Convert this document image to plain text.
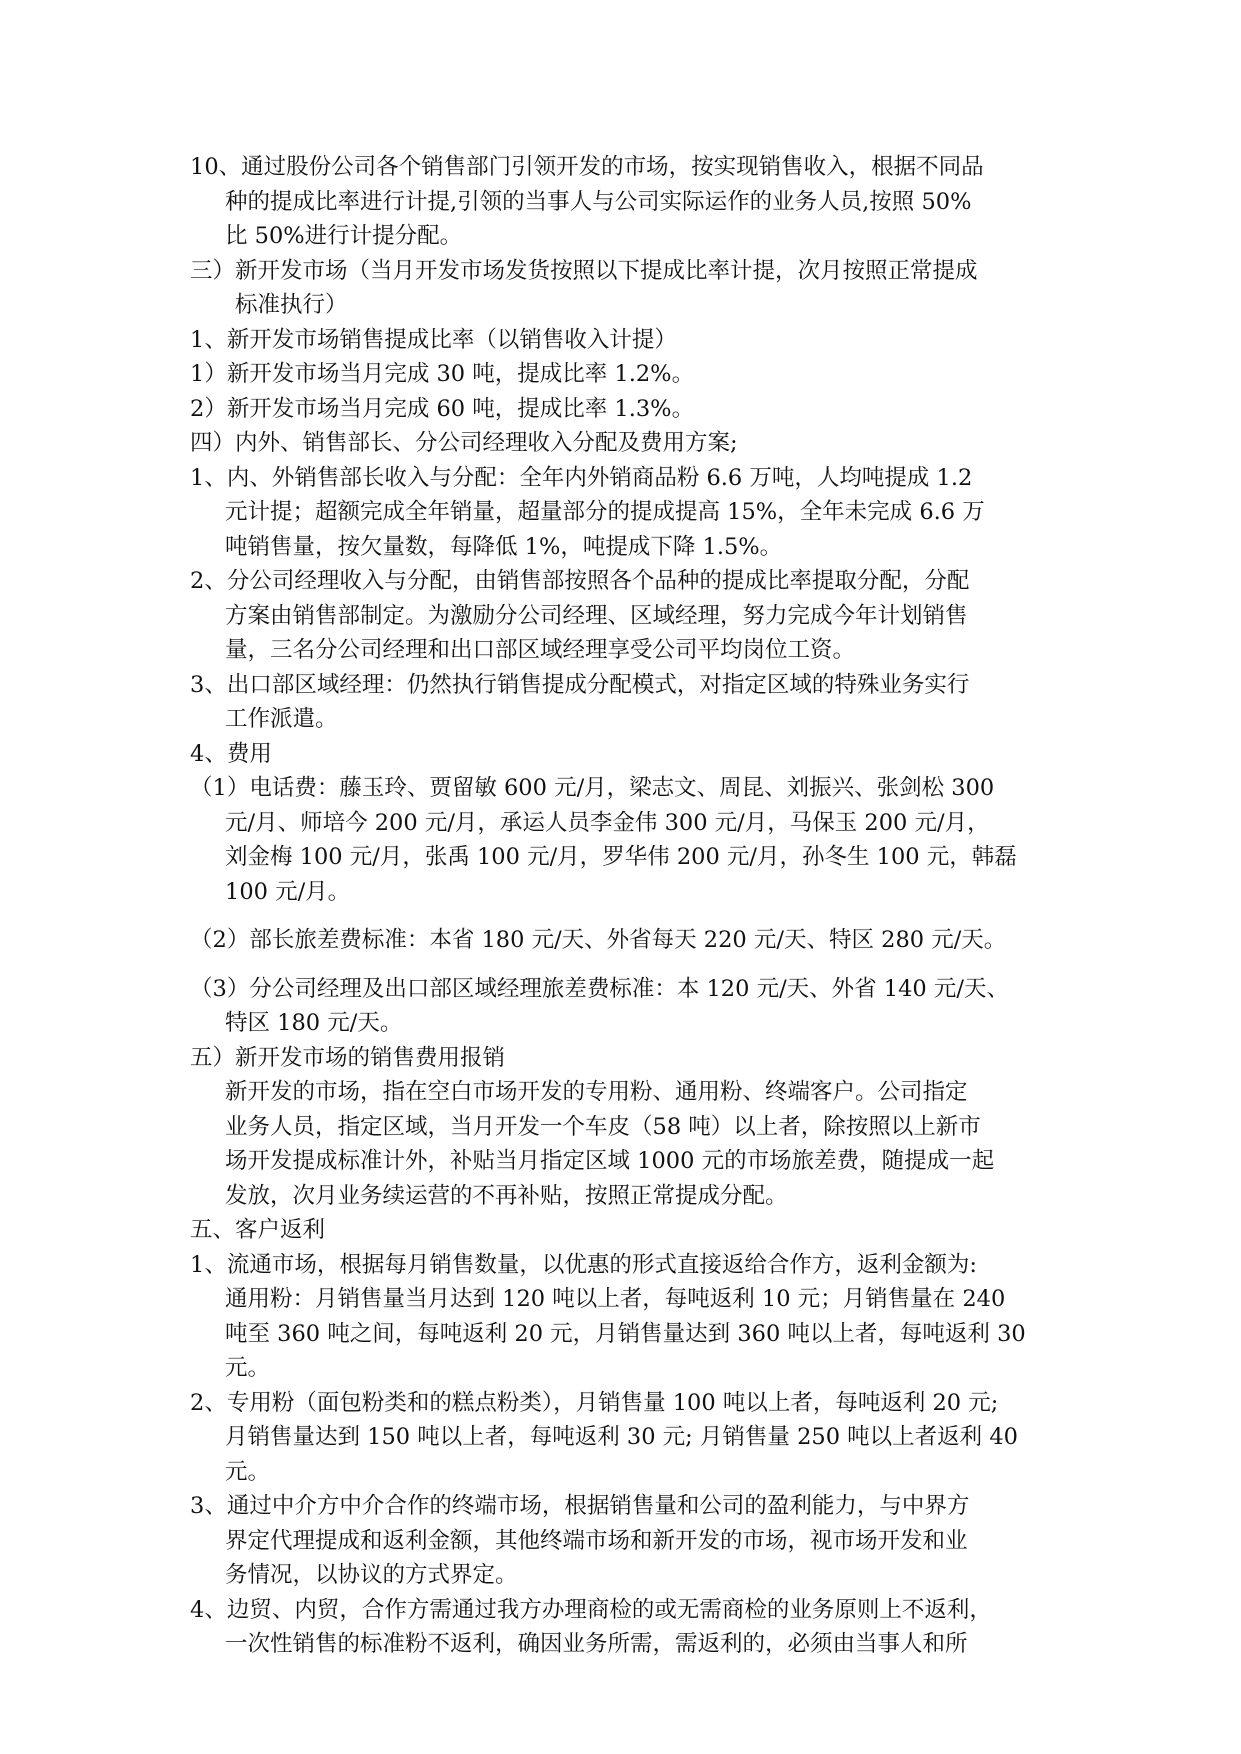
10、通过股份公司各个销售部门引领开发的市场，按实现销售收入，根据不同品
种的提成比率进行计提,引领的当事人与公司实际运作的业务人员,按照 50%
比 50%进行计提分配。

三）新开发市场（当月开发市场发货按照以下提成比率计提，次月按照正常提成
标准执行）

1、新开发市场销售提成比率（以销售收入计提）

1）新开发市场当月完成 30 吨，提成比率 1.2%。

2）新开发市场当月完成 60 吨，提成比率 1.3%。

四）内外、销售部长、分公司经理收入分配及费用方案;

1、内、外销售部长收入与分配：全年内外销商品粉 6.6 万吨，人均吨提成 1.2
元计提；超额完成全年销量，超量部分的提成提高 15%，全年未完成 6.6 万
吨销售量，按欠量数，每降低 1%，吨提成下降 1.5%。

2、分公司经理收入与分配，由销售部按照各个品种的提成比率提取分配，分配
方案由销售部制定。为激励分公司经理、区域经理，努力完成今年计划销售
量，三名分公司经理和出口部区域经理享受公司平均岗位工资。

3、出口部区域经理：仍然执行销售提成分配模式，对指定区域的特殊业务实行
工作派遣。

4、费用

（1）电话费：藤玉玲、贾留敏 600 元/月，梁志文、周昆、刘振兴、张剑松 300
元/月、师培今 200 元/月，承运人员李金伟 300 元/月，马保玉 200 元/月，
刘金梅 100 元/月，张禹 100 元/月，罗华伟 200 元/月，孙冬生 100 元，韩磊
100 元/月。

（2）部长旅差费标准：本省 180 元/天、外省每天 220 元/天、特区 280 元/天。

（3）分公司经理及出口部区域经理旅差费标准：本 120 元/天、外省 140 元/天、
特区 180 元/天。

五）新开发市场的销售费用报销

新开发的市场，指在空白市场开发的专用粉、通用粉、终端客户。公司指定
业务人员，指定区域，当月开发一个车皮（58 吨）以上者，除按照以上新市
场开发提成标准计外，补贴当月指定区域 1000 元的市场旅差费，随提成一起
发放，次月业务续运营的不再补贴，按照正常提成分配。

五、客户返利

1、流通市场，根据每月销售数量，以优惠的形式直接返给合作方，返利金额为:
通用粉：月销售量当月达到 120 吨以上者，每吨返利 10 元；月销售量在 240
吨至 360 吨之间，每吨返利 20 元，月销售量达到 360 吨以上者，每吨返利 30
元。

2、专用粉（面包粉类和的糕点粉类），月销售量 100 吨以上者，每吨返利 20 元;
月销售量达到 150 吨以上者，每吨返利 30 元; 月销售量 250 吨以上者返利 40
元。

3、通过中介方中介合作的终端市场，根据销售量和公司的盈利能力，与中界方
界定代理提成和返利金额，其他终端市场和新开发的市场，视市场开发和业
务情况，以协议的方式界定。

4、边贸、内贸，合作方需通过我方办理商检的或无需商检的业务原则上不返利，
一次性销售的标准粉不返利，确因业务所需，需返利的，必须由当事人和所
